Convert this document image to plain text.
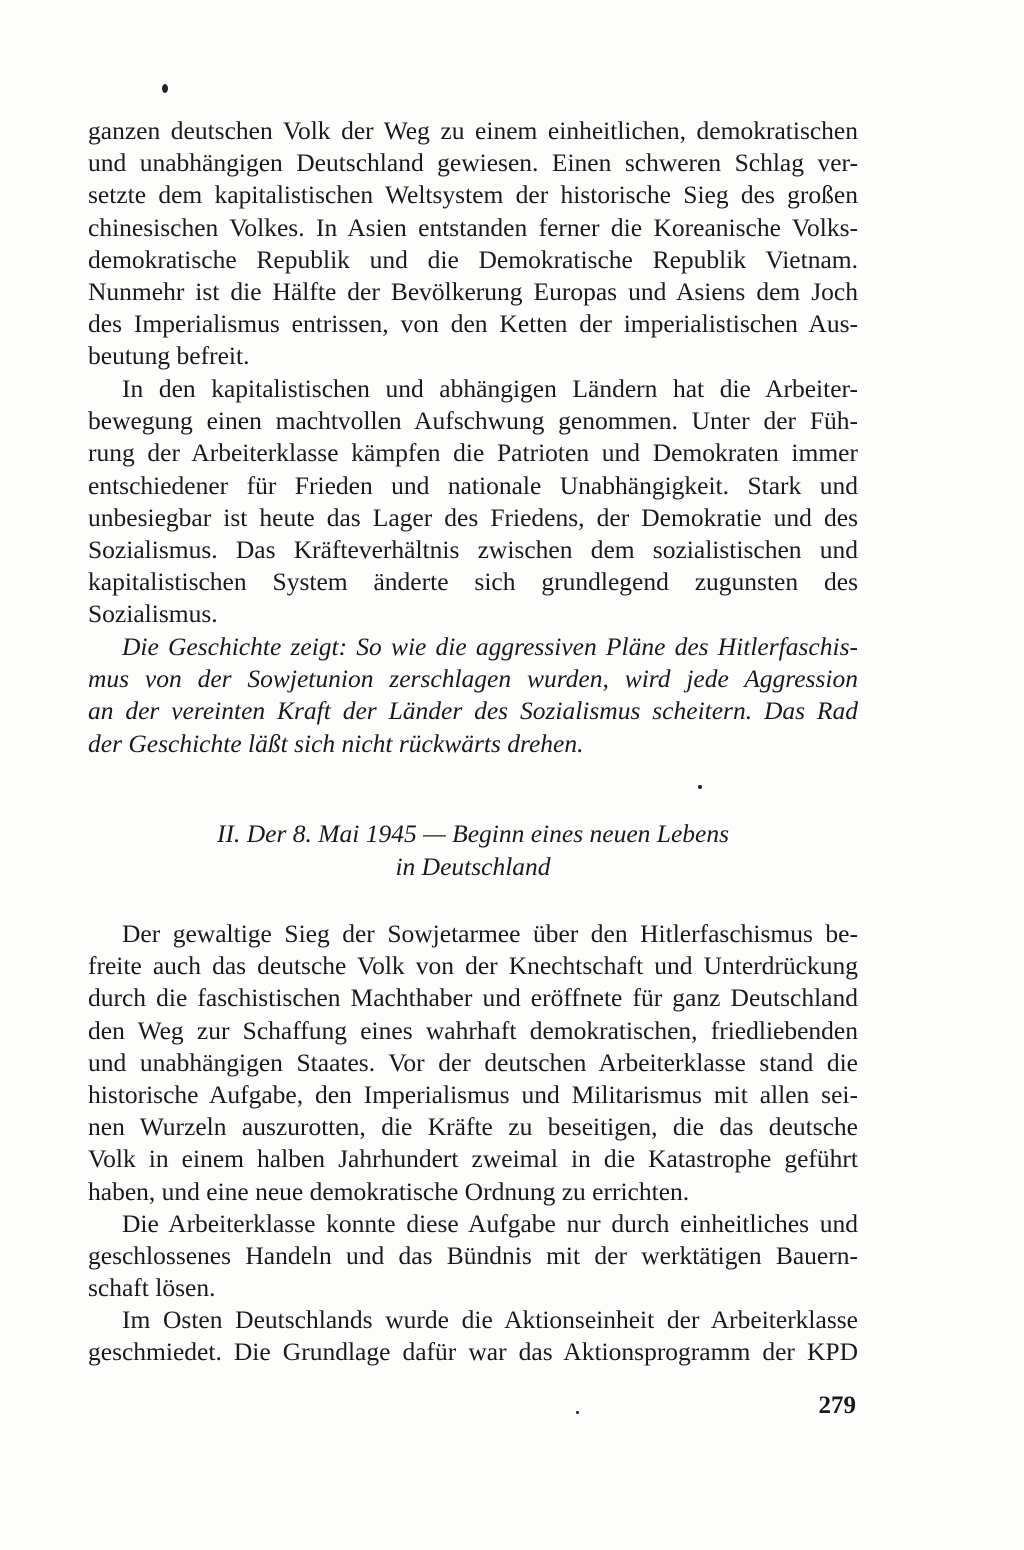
ganzen deutschen Volk der Weg zu einem einheitlichen, demokratischen
und unabhängigen Deutschland gewiesen. Einen schweren Schlag ver-
setzte dem kapitalistischen Weltsystem der historische Sieg des großen
chinesischen Volkes. In Asien entstanden ferner die Koreanische Volks-
demokratische Republik und die Demokratische Republik Vietnam.
Nunmehr ist die Hälfte der Bevölkerung Europas und Asiens dem Joch
des Imperialismus entrissen, von den Ketten der imperialistischen Aus-
beutung befreit.
In den kapitalistischen und abhängigen Ländern hat die Arbeiter-
bewegung einen machtvollen Aufschwung genommen. Unter der Füh-
rung der Arbeiterklasse kämpfen die Patrioten und Demokraten immer
entschiedener für Frieden und nationale Unabhängigkeit. Stark und
unbesiegbar ist heute das Lager des Friedens, der Demokratie und des
Sozialismus. Das Kräfteverhältnis zwischen dem sozialistischen und
kapitalistischen System änderte sich grundlegend zugunsten des
Sozialismus.
Die Geschichte zeigt: So wie die aggressiven Pläne des Hitlerfaschis-
mus von der Sowjetunion zerschlagen wurden, wird jede Aggression
an der vereinten Kraft der Länder des Sozialismus scheitern. Das Rad
der Geschichte läßt sich nicht rückwärts drehen.
II. Der 8. Mai 1945 — Beginn eines neuen Lebens
in Deutschland
Der gewaltige Sieg der Sowjetarmee über den Hitlerfaschismus be-
freite auch das deutsche Volk von der Knechtschaft und Unterdrückung
durch die faschistischen Machthaber und eröffnete für ganz Deutschland
den Weg zur Schaffung eines wahrhaft demokratischen, friedliebenden
und unabhängigen Staates. Vor der deutschen Arbeiterklasse stand die
historische Aufgabe, den Imperialismus und Militarismus mit allen sei-
nen Wurzeln auszurotten, die Kräfte zu beseitigen, die das deutsche
Volk in einem halben Jahrhundert zweimal in die Katastrophe geführt
haben, und eine neue demokratische Ordnung zu errichten.
Die Arbeiterklasse konnte diese Aufgabe nur durch einheitliches und
geschlossenes Handeln und das Bündnis mit der werktätigen Bauern-
schaft lösen.
Im Osten Deutschlands wurde die Aktionseinheit der Arbeiterklasse
geschmiedet. Die Grundlage dafür war das Aktionsprogramm der KPD
279
